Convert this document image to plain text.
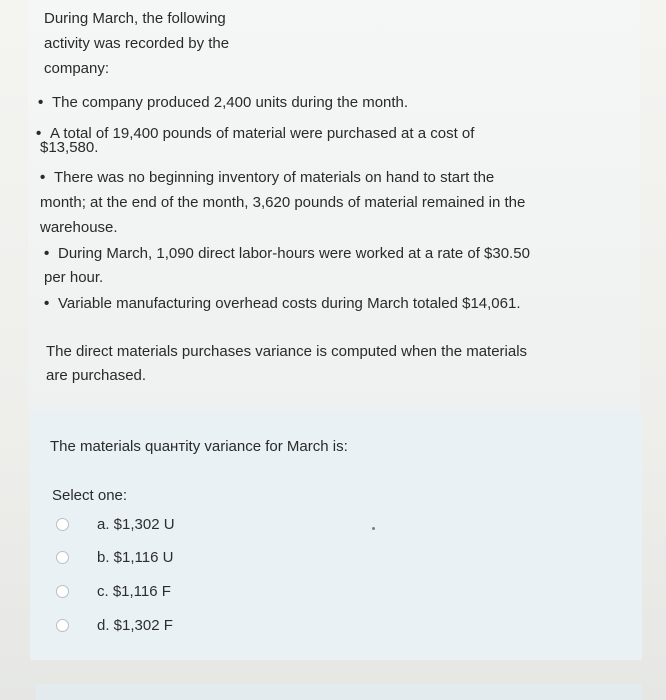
During March, the following
activity was recorded by the
company:
• The company produced 2,400 units during the month.
• A total of 19,400 pounds of material were purchased at a cost of
$13,580.
• There was no beginning inventory of materials on hand to start the
month; at the end of the month, 3,620 pounds of material remained in the
warehouse.
• During March, 1,090 direct labor-hours were worked at a rate of $30.50
per hour.
• Variable manufacturing overhead costs during March totaled $14,061.
The direct materials purchases variance is computed when the materials
are purchased.
The materials quантity variance for March is:
Select one:
a. $1,302 U
b. $1,116 U
c. $1,116 F
d. $1,302 F
